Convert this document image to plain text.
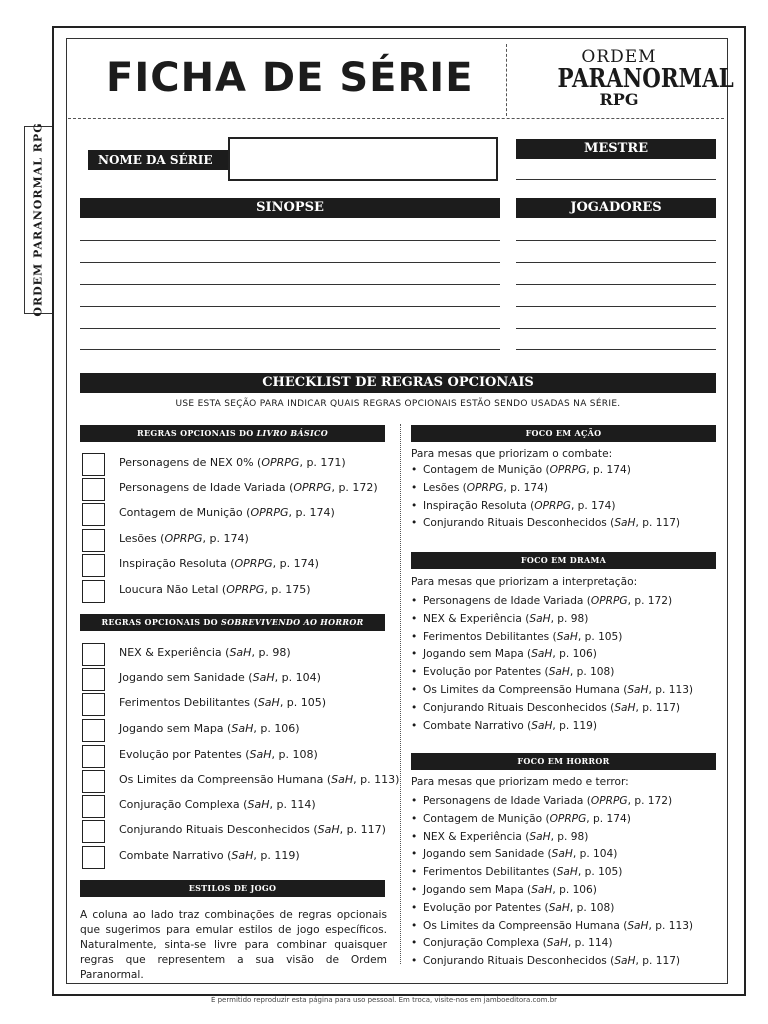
ORDEM PARANORMAL RPG
FICHA DE SÉRIE	ORDEM
PARANORMAL
RPG
NOME DA SÉRIE
MESTRE
SINOPSE	JOGADORES
CHECKLIST DE REGRAS OPCIONAIS
USE ESTA SEÇÃO PARA INDICAR QUAIS REGRAS OPCIONAIS ESTÃO SENDO USADAS NA SÉRIE.
REGRAS OPCIONAIS DO LIVRO BÁSICO
Personagens de NEX 0% (OPRPG, p. 171)
Personagens de Idade Variada (OPRPG, p. 172)
Contagem de Munição (OPRPG, p. 174)
Lesões (OPRPG, p. 174)
Inspiração Resoluta (OPRPG, p. 174)
Loucura Não Letal (OPRPG, p. 175)
REGRAS OPCIONAIS DO SOBREVIVENDO AO HORROR
NEX & Experiência (SaH, p. 98)
Jogando sem Sanidade (SaH, p. 104)
Ferimentos Debilitantes (SaH, p. 105)
Jogando sem Mapa (SaH, p. 106)
Evolução por Patentes (SaH, p. 108)
Os Limites da Compreensão Humana (SaH, p. 113)
Conjuração Complexa (SaH, p. 114)
Conjurando Rituais Desconhecidos (SaH, p. 117)
Combate Narrativo (SaH, p. 119)
ESTILOS DE JOGO
A coluna ao lado traz combinações de regras opcionais que sugerimos para emular estilos de jogo específicos. Naturalmente, sinta-se livre para combinar quaisquer regras que representem a sua visão de Ordem Paranormal.
FOCO EM AÇÃO
Para mesas que priorizam o combate:
• Contagem de Munição (OPRPG, p. 174)
• Lesões (OPRPG, p. 174)
• Inspiração Resoluta (OPRPG, p. 174)
• Conjurando Rituais Desconhecidos (SaH, p. 117)
FOCO EM DRAMA
Para mesas que priorizam a interpretação:
• Personagens de Idade Variada (OPRPG, p. 172)
• NEX & Experiência (SaH, p. 98)
• Ferimentos Debilitantes (SaH, p. 105)
• Jogando sem Mapa (SaH, p. 106)
• Evolução por Patentes (SaH, p. 108)
• Os Limites da Compreensão Humana (SaH, p. 113)
• Conjurando Rituais Desconhecidos (SaH, p. 117)
• Combate Narrativo (SaH, p. 119)
FOCO EM HORROR
Para mesas que priorizam medo e terror:
• Personagens de Idade Variada (OPRPG, p. 172)
• Contagem de Munição (OPRPG, p. 174)
• NEX & Experiência (SaH, p. 98)
• Jogando sem Sanidade (SaH, p. 104)
• Ferimentos Debilitantes (SaH, p. 105)
• Jogando sem Mapa (SaH, p. 106)
• Evolução por Patentes (SaH, p. 108)
• Os Limites da Compreensão Humana (SaH, p. 113)
• Conjuração Complexa (SaH, p. 114)
• Conjurando Rituais Desconhecidos (SaH, p. 117)
É permitido reproduzir esta página para uso pessoal. Em troca, visite-nos em jamboeditora.com.br
